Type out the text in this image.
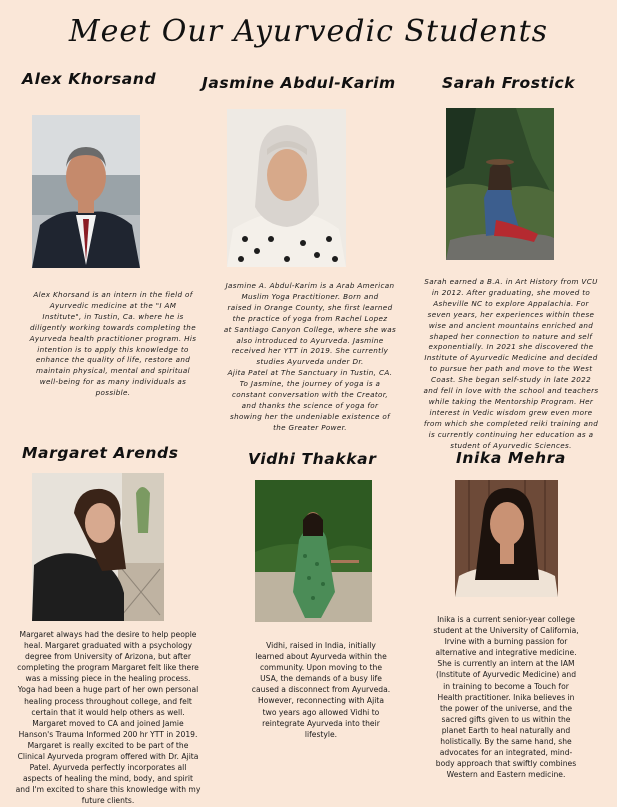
Meet Our Ayurvedic Students
Alex Khorsand
Alex Khorsand is an intern in the field of
Ayurvedic medicine at the "I AM
Institute", in Tustin, Ca. where he is
diligently working towards completing the
Ayurveda health practitioner program. His
intention is to apply this knowledge to
enhance the quality of life, restore and
maintain physical, mental and spiritual
well-being for as many individuals as
possible.
Jasmine Abdul-Karim
Jasmine A. Abdul-Karim is a Arab American
Muslim Yoga Practitioner. Born and
raised in Orange County, she first learned
the practice of yoga from Rachel Lopez
at Santiago Canyon College, where she was
also introduced to Ayurveda. Jasmine
received her YTT in 2019. She currently
studies Ayurveda under Dr.
Ajita Patel at The Sanctuary in Tustin, CA.
To Jasmine, the journey of yoga is a
constant conversation with the Creator,
and thanks the science of yoga for
showing her the undeniable existence of
the Greater Power.
Sarah Frostick
Sarah earned a B.A. in Art History from VCU
in 2012. After graduating, she moved to
Asheville NC to explore Appalachia. For
seven years, her experiences within these
wise and ancient mountains enriched and
shaped her connection to nature and self
exponentially. In 2021 she discovered the
Institute of Ayurvedic Medicine and decided
to pursue her path and move to the West
Coast. She began self-study in late 2022
and fell in love with the school and teachers
while taking the Mentorship Program. Her
interest in Vedic wisdom grew even more
from which she completed reiki training and
is currently continuing her education as a
student of Ayurvedic Sciences.
Margaret Arends
Margaret always had the desire to help people
heal. Margaret graduated with a psychology
degree from University of Arizona, but after
completing the program Margaret felt like there
was a missing piece in the healing process.
Yoga had been a huge part of her own personal
healing process throughout college, and felt
certain that it would help others as well.
Margaret moved to CA and joined Jamie
Hanson's Trauma Informed 200 hr YTT in 2019.
Margaret is really excited to be part of the
Clinical Ayurveda program offered with Dr. Ajita
Patel. Ayurveda perfectly incorporates all
aspects of healing the mind, body, and spirit
and I'm excited to share this knowledge with my
future clients.
Vidhi Thakkar
Vidhi, raised in India, initially
learned about Ayurveda within the
community. Upon moving to the
USA, the demands of a busy life
caused a disconnect from Ayurveda.
However, reconnecting with Ajita
two years ago allowed Vidhi to
reintegrate Ayurveda into their
lifestyle.
Inika Mehra
Inika is a current senior-year college
student at the University of California,
Irvine with a burning passion for
alternative and integrative medicine.
She is currently an intern at the IAM
(Institute of Ayurvedic Medicine) and
in training to become a Touch for
Health practitioner. Inika believes in
the power of the universe, and the
sacred gifts given to us within the
planet Earth to heal naturally and
holistically. By the same hand, she
advocates for an integrated, mind-
body approach that swiftly combines
Western and Eastern medicine.
